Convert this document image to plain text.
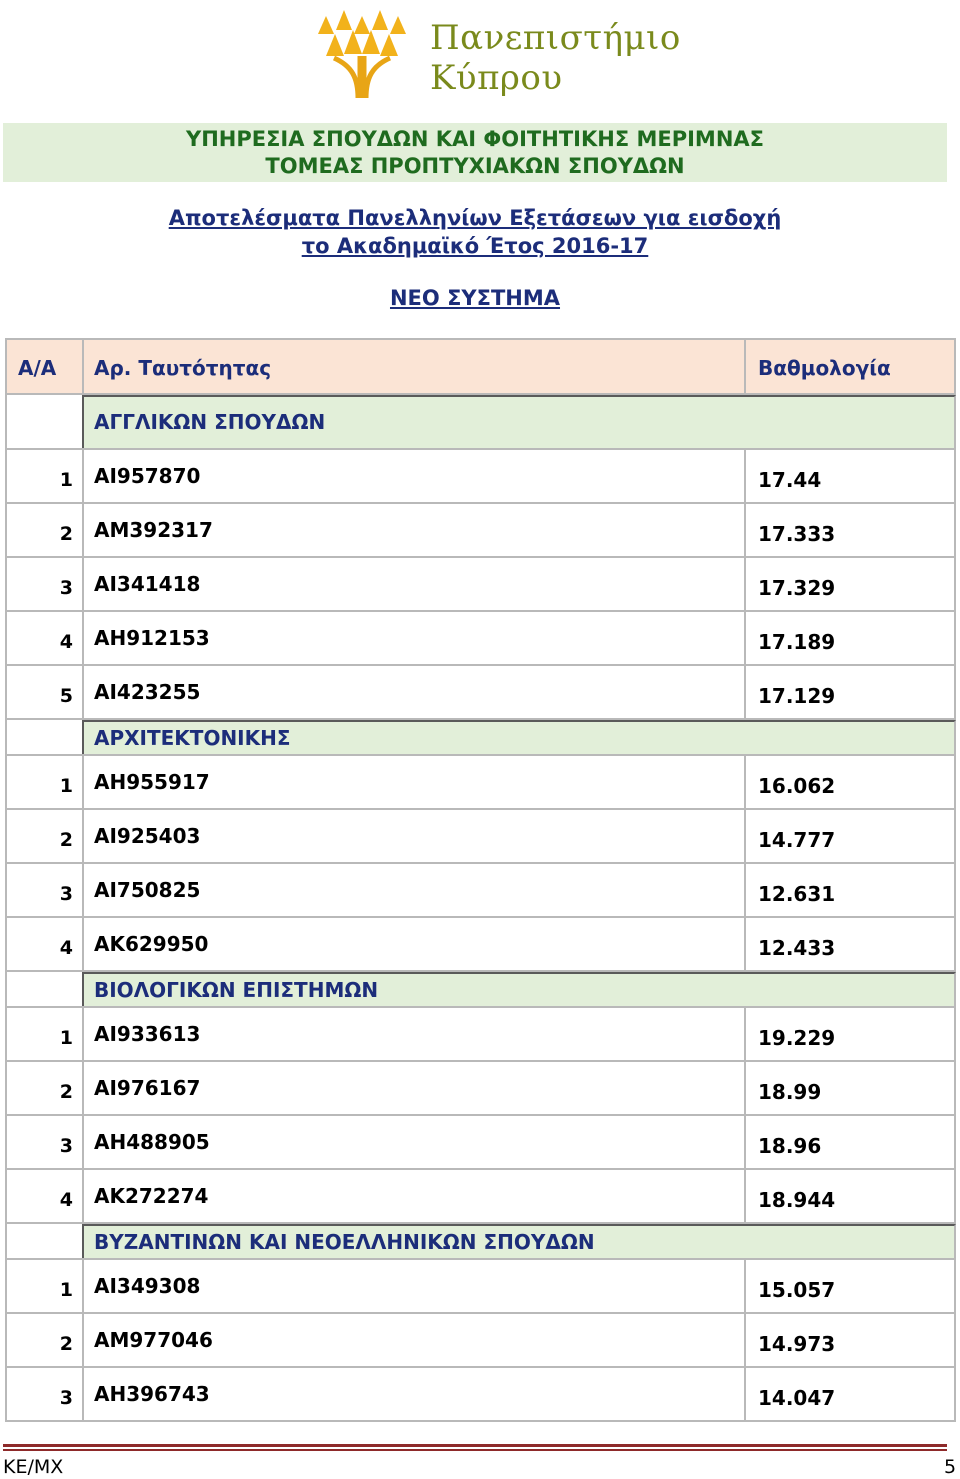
Πανεπιστήμιο
Κύπρου
ΥΠΗΡΕΣΙΑ ΣΠΟΥΔΩΝ ΚΑΙ ΦΟΙΤΗΤΙΚΗΣ ΜΕΡΙΜΝΑΣ
ΤΟΜΕΑΣ ΠΡΟΠΤΥΧΙΑΚΩΝ ΣΠΟΥΔΩΝ
Αποτελέσματα Πανελληνίων Εξετάσεων για εισδοχή
το Ακαδημαϊκό Έτος 2016-17
ΝΕΟ ΣΥΣΤΗΜΑ
Α/Α	Αρ. Ταυτότητας	Βαθμολογία
ΑΓΓΛΙΚΩΝ ΣΠΟΥΔΩΝ
1	ΑΙ957870	17.44
2	ΑΜ392317	17.333
3	ΑΙ341418	17.329
4	ΑΗ912153	17.189
5	ΑΙ423255	17.129
ΑΡΧΙΤΕΚΤΟΝΙΚΗΣ
1	ΑΗ955917	16.062
2	ΑΙ925403	14.777
3	ΑΙ750825	12.631
4	ΑΚ629950	12.433
ΒΙΟΛΟΓΙΚΩΝ ΕΠΙΣΤΗΜΩΝ
1	ΑΙ933613	19.229
2	ΑΙ976167	18.99
3	ΑΗ488905	18.96
4	ΑΚ272274	18.944
ΒΥΖΑΝΤΙΝΩΝ ΚΑΙ ΝΕΟΕΛΛΗΝΙΚΩΝ ΣΠΟΥΔΩΝ
1	ΑΙ349308	15.057
2	ΑΜ977046	14.973
3	ΑΗ396743	14.047
ΚΕ/ΜΧ	5
